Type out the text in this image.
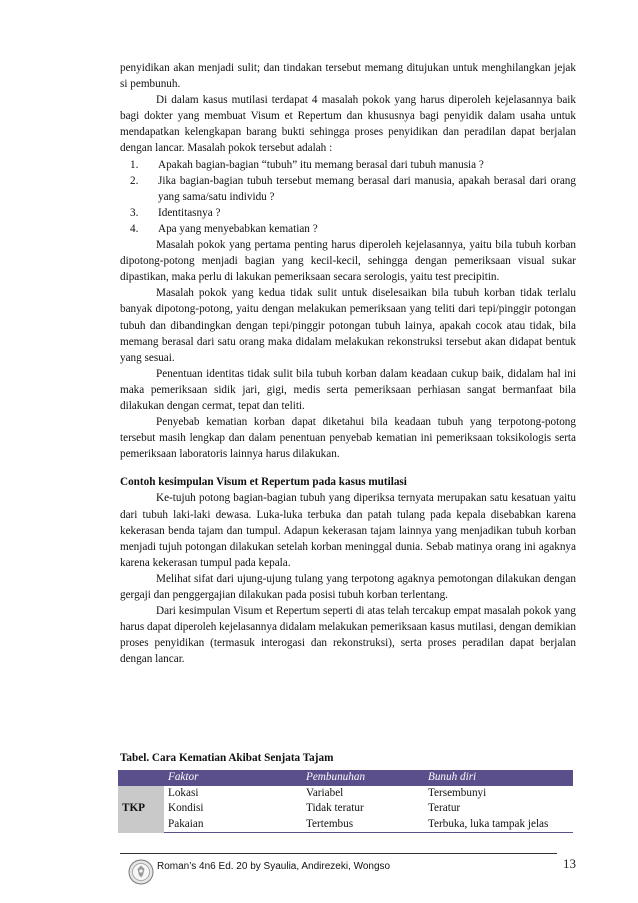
penyidikan akan menjadi sulit; dan tindakan tersebut memang ditujukan untuk menghilangkan jejak si pembunuh.

Di dalam kasus mutilasi terdapat 4 masalah pokok yang harus diperoleh kejelasannya baik bagi dokter yang membuat Visum et Repertum dan khususnya bagi penyidik dalam usaha untuk mendapatkan kelengkapan barang bukti sehingga proses penyidikan dan peradilan dapat berjalan dengan lancar. Masalah pokok tersebut adalah :

1. Apakah bagian-bagian “tubuh” itu memang berasal dari tubuh manusia ?
2. Jika bagian-bagian tubuh tersebut memang berasal dari manusia, apakah berasal dari orang yang sama/satu individu ?
3. Identitasnya ?
4. Apa yang menyebabkan kematian ?

Masalah pokok yang pertama penting harus diperoleh kejelasannya, yaitu bila tubuh korban dipotong-potong menjadi bagian yang kecil-kecil, sehingga dengan pemeriksaan visual sukar dipastikan, maka perlu di lakukan pemeriksaan secara serologis, yaitu test precipitin.

Masalah pokok yang kedua tidak sulit untuk diselesaikan bila tubuh korban tidak terlalu banyak dipotong-potong, yaitu dengan melakukan pemeriksaan yang teliti dari tepi/pinggir potongan tubuh dan dibandingkan dengan tepi/pinggir potongan tubuh lainya, apakah cocok atau tidak, bila memang berasal dari satu orang maka didalam melakukan rekonstruksi tersebut akan didapat bentuk yang sesuai.

Penentuan identitas tidak sulit bila tubuh korban dalam keadaan cukup baik, didalam hal ini maka pemeriksaan sidik jari, gigi, medis serta pemeriksaan perhiasan sangat bermanfaat bila dilakukan dengan cermat, tepat dan teliti.

Penyebab kematian korban dapat diketahui bila keadaan tubuh yang terpotong-potong tersebut masih lengkap dan dalam penentuan penyebab kematian ini pemeriksaan toksikologis serta pemeriksaan laboratoris lainnya harus dilakukan.

Contoh kesimpulan Visum et Repertum pada kasus mutilasi

Ke-tujuh potong bagian-bagian tubuh yang diperiksa ternyata merupakan satu kesatuan yaitu dari tubuh laki-laki dewasa. Luka-luka terbuka dan patah tulang pada kepala disebabkan karena kekerasan benda tajam dan tumpul. Adapun kekerasan tajam lainnya yang menjadikan tubuh korban menjadi tujuh potongan dilakukan setelah korban meninggal dunia. Sebab matinya orang ini agaknya karena kekerasan tumpul pada kepala.

Melihat sifat dari ujung-ujung tulang yang terpotong agaknya pemotongan dilakukan dengan gergaji dan penggergajian dilakukan pada posisi tubuh korban terlentang.

Dari kesimpulan Visum et Repertum seperti di atas telah tercakup empat masalah pokok yang harus dapat diperoleh kejelasannya didalam melakukan pemeriksaan kasus mutilasi, dengan demikian proses penyidikan (termasuk interogasi dan rekonstruksi), serta proses peradilan dapat berjalan dengan lancar.

Tabel. Cara Kematian Akibat Senjata Tajam
	Faktor	Pembunuhan	Bunuh diri
TKP	Lokasi	Variabel	Tersembunyi
	Kondisi	Tidak teratur	Teratur
	Pakaian	Tertembus	Terbuka, luka tampak jelas
Roman’s 4n6 Ed. 20 by Syaulia, Andirezeki, Wongso	13
